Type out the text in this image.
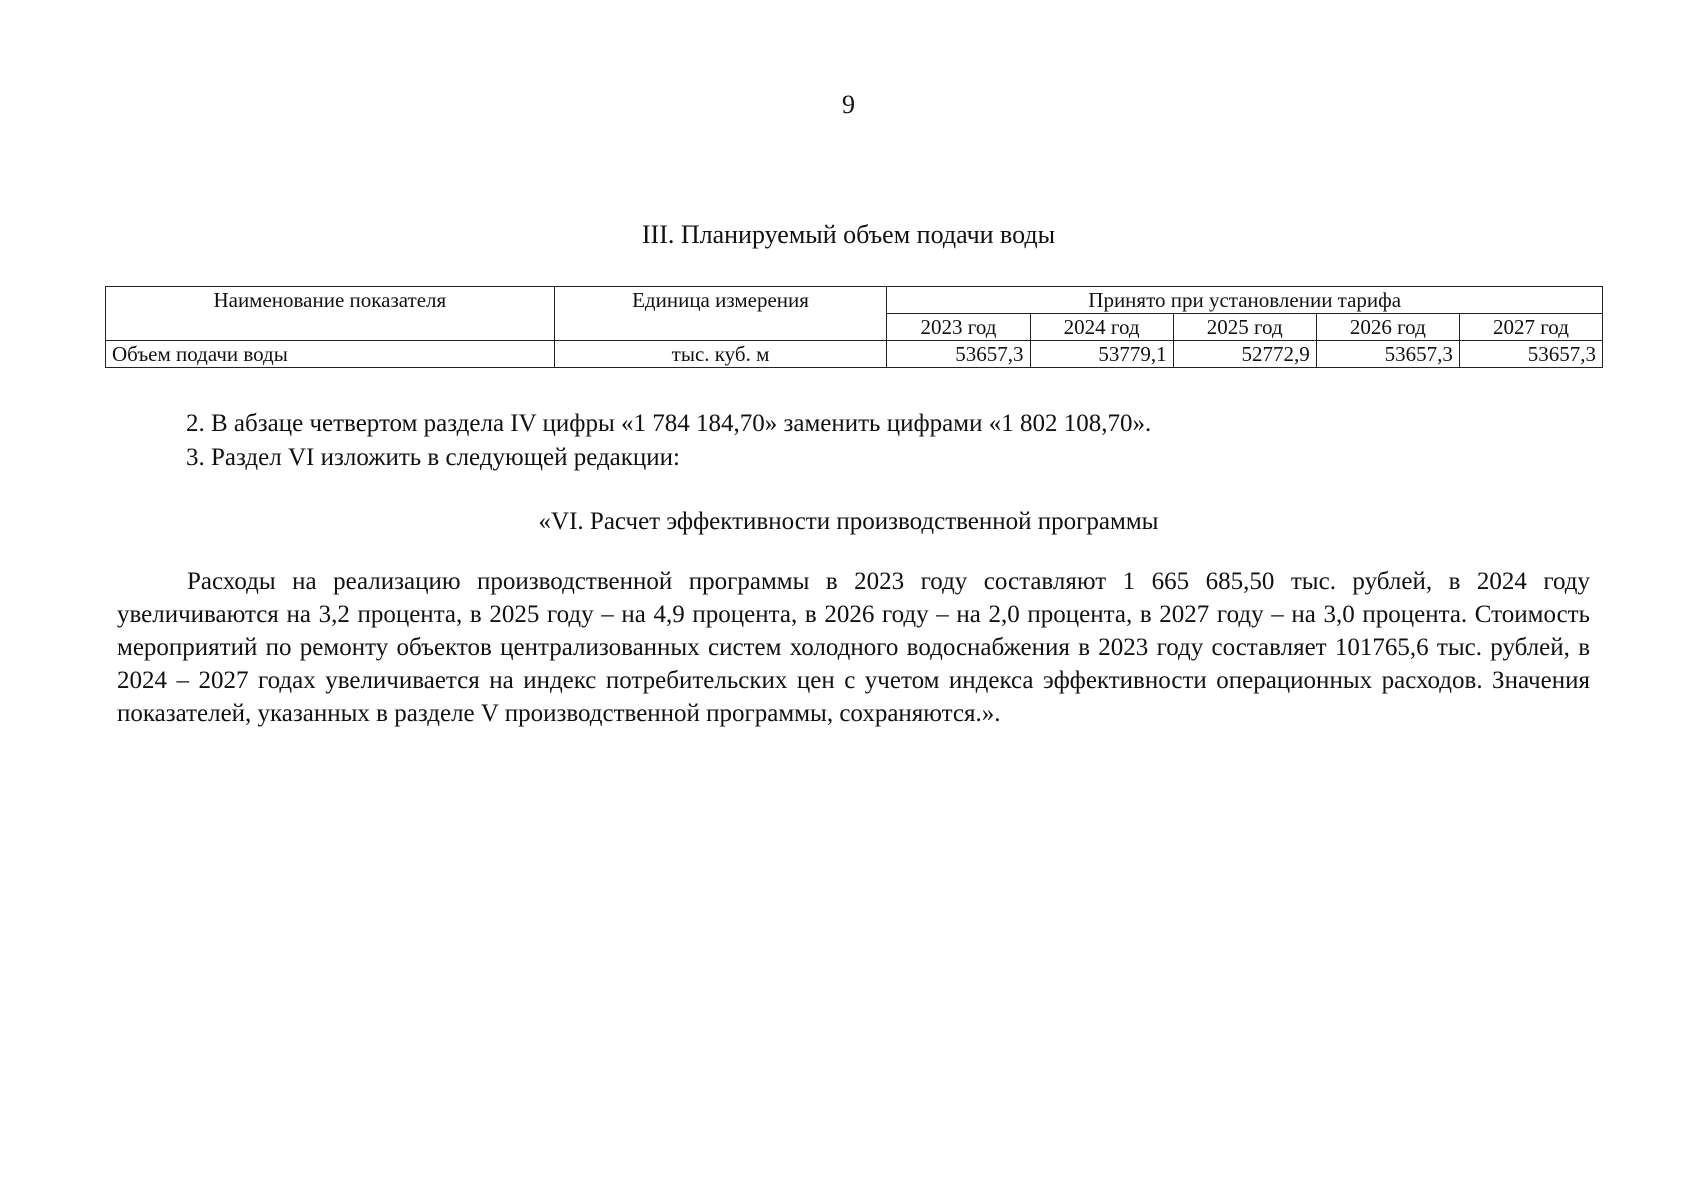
9
III. Планируемый объем подачи воды
Наименование показателя	Единица измерения	Принято при установлении тарифа				
		2023 год	2024 год	2025 год	2026 год	2027 год
Объем подачи воды	тыс. куб. м	53657,3	53779,1	52772,9	53657,3	53657,3
2. В абзаце четвертом раздела IV цифры «1 784 184,70» заменить цифрами «1 802 108,70».
3. Раздел VI изложить в следующей редакции:
«VI. Расчет эффективности производственной программы

Расходы на реализацию производственной программы в 2023 году составляют 1 665 685,50 тыс. рублей, в 2024 году увеличиваются на 3,2 процента, в 2025 году – на 4,9 процента, в 2026 году – на 2,0 процента, в 2027 году – на 3,0 процента. Стоимость мероприятий по ремонту объектов централизованных систем холодного водоснабжения в 2023 году составляет 101765,6 тыс. рублей, в 2024 – 2027 годах увеличивается на индекс потребительских цен с учетом индекса эффективности операционных расходов. Значения показателей, указанных в разделе V производственной программы, сохраняются.».
